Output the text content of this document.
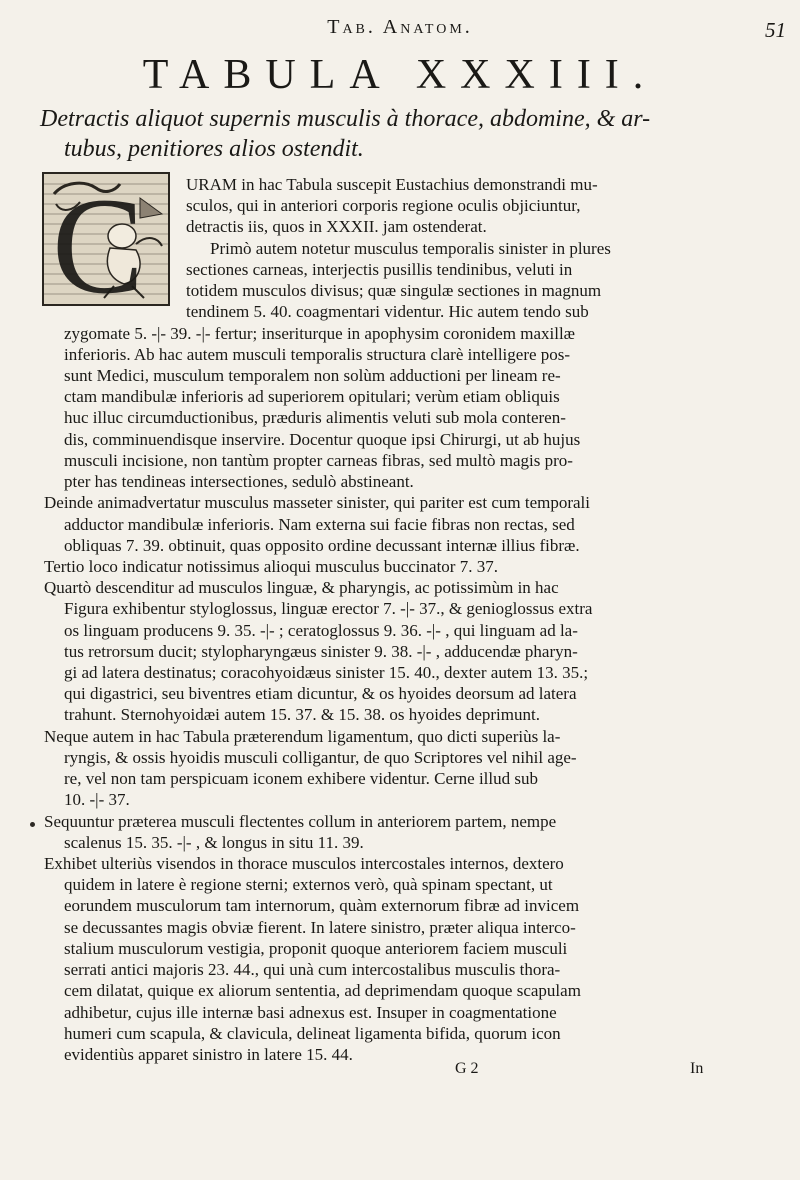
Tab. Anatom.	51
TABULA XXXIII.
Detractis aliquot supernis musculis à thorace, abdomine, & ar-
tubus, penitiores alios ostendit.
C URAM in hac Tabula suscepit Eustachius demonstrandi mu-
sculos, qui in anteriori corporis regione oculis objiciuntur,
detractis iis, quos in XXXII. jam ostenderat.
Primò autem notetur musculus temporalis sinister in plures
sectiones carneas, interjectis pusillis tendinibus, veluti in
totidem musculos divisus; quæ singulæ sectiones in magnum
tendinem 5. 40. coagmentari videntur. Hic autem tendo sub
zygomate 5. -|- 39. -|- fertur; inseriturque in apophysim coronidem maxillæ
inferioris. Ab hac autem musculi temporalis structura clarè intelligere pos-
sunt Medici, musculum temporalem non solùm adductioni per lineam re-
ctam mandibulæ inferioris ad superiorem opitulari; verùm etiam obliquis
huc illuc circumductionibus, præduris alimentis veluti sub mola conteren-
dis, comminuendisque inservire. Docentur quoque ipsi Chirurgi, ut ab hujus
musculi incisione, non tantùm propter carneas fibras, sed multò magis pro-
pter has tendineas intersectiones, sedulò abstineant.
Deinde animadvertatur musculus masseter sinister, qui pariter est cum temporali
adductor mandibulæ inferioris. Nam externa sui facie fibras non rectas, sed
obliquas 7. 39. obtinuit, quas opposito ordine decussant internæ illius fibræ.
Tertio loco indicatur notissimus alioqui musculus buccinator 7. 37.
Quartò descenditur ad musculos linguæ, & pharyngis, ac potissimùm in hac
Figura exhibentur styloglossus, linguæ erector 7. -|- 37., & genioglossus extra
os linguam producens 9. 35. -|- ; ceratoglossus 9. 36. -|- , qui linguam ad la-
tus retrorsum ducit; stylopharyngæus sinister 9. 38. -|- , adducendæ pharyn-
gi ad latera destinatus; coracohyoidæus sinister 15. 40., dexter autem 13. 35.;
qui digastrici, seu biventres etiam dicuntur, & os hyoides deorsum ad latera
trahunt. Sternohyoidæi autem 15. 37. & 15. 38. os hyoides deprimunt.
Neque autem in hac Tabula præterendum ligamentum, quo dicti superiùs la-
ryngis, & ossis hyoidis musculi colligantur, de quo Scriptores vel nihil age-
re, vel non tam perspicuam iconem exhibere videntur. Cerne illud sub
10. -|- 37.
Sequuntur præterea musculi flectentes collum in anteriorem partem, nempe
scalenus 15. 35. -|- , & longus in situ 11. 39.
Exhibet ulteriùs visendos in thorace musculos intercostales internos, dextero
quidem in latere è regione sterni; externos verò, quà spinam spectant, ut
eorundem musculorum tam internorum, quàm externorum fibræ ad invicem
se decussantes magis obviæ fierent. In latere sinistro, præter aliqua interco-
stalium musculorum vestigia, proponit quoque anteriorem faciem musculi
serrati antici majoris 23. 44., qui unà cum intercostalibus musculis thora-
cem dilatat, quique ex aliorum sententia, ad deprimendam quoque scapulam
adhibetur, cujus ille internæ basi adnexus est. Insuper in coagmentatione
humeri cum scapula, & clavicula, delineat ligamenta bifida, quorum icon
evidentiùs apparet sinistro in latere 15. 44.
G 2	In
